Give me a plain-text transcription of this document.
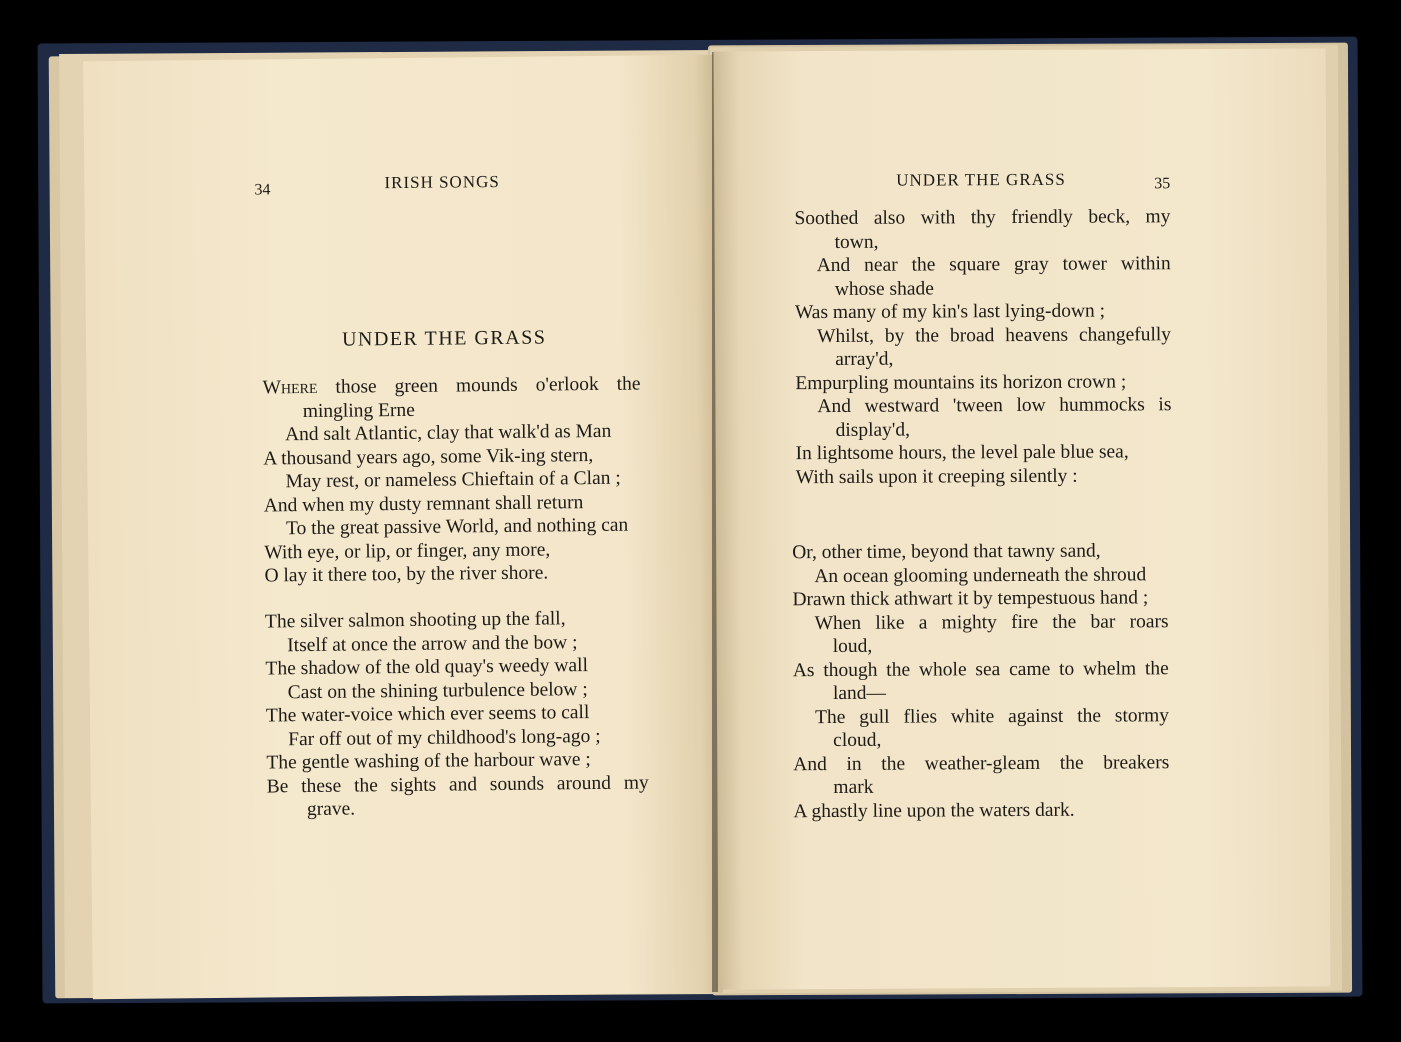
34	IRISH SONGS
UNDER THE GRASS
Where those green mounds o'erlook the
mingling Erne
And salt Atlantic, clay that walk'd as Man
A thousand years ago, some Vik-ing stern,
May rest, or nameless Chieftain of a Clan ;
And when my dusty remnant shall return
To the great passive World, and nothing can
With eye, or lip, or finger, any more,
O lay it there too, by the river shore.
The silver salmon shooting up the fall,
Itself at once the arrow and the bow ;
The shadow of the old quay's weedy wall
Cast on the shining turbulence below ;
The water-voice which ever seems to call
Far off out of my childhood's long-ago ;
The gentle washing of the harbour wave ;
Be these the sights and sounds around my
grave.
UNDER THE GRASS	35
Soothed also with thy friendly beck, my
town,
And near the square gray tower within
whose shade
Was many of my kin's last lying-down ;
Whilst, by the broad heavens changefully
array'd,
Empurpling mountains its horizon crown ;
And westward 'tween low hummocks is
display'd,
In lightsome hours, the level pale blue sea,
With sails upon it creeping silently :
Or, other time, beyond that tawny sand,
An ocean glooming underneath the shroud
Drawn thick athwart it by tempestuous hand ;
When like a mighty fire the bar roars
loud,
As though the whole sea came to whelm the
land—
The gull flies white against the stormy
cloud,
And in the weather-gleam the breakers
mark
A ghastly line upon the waters dark.
